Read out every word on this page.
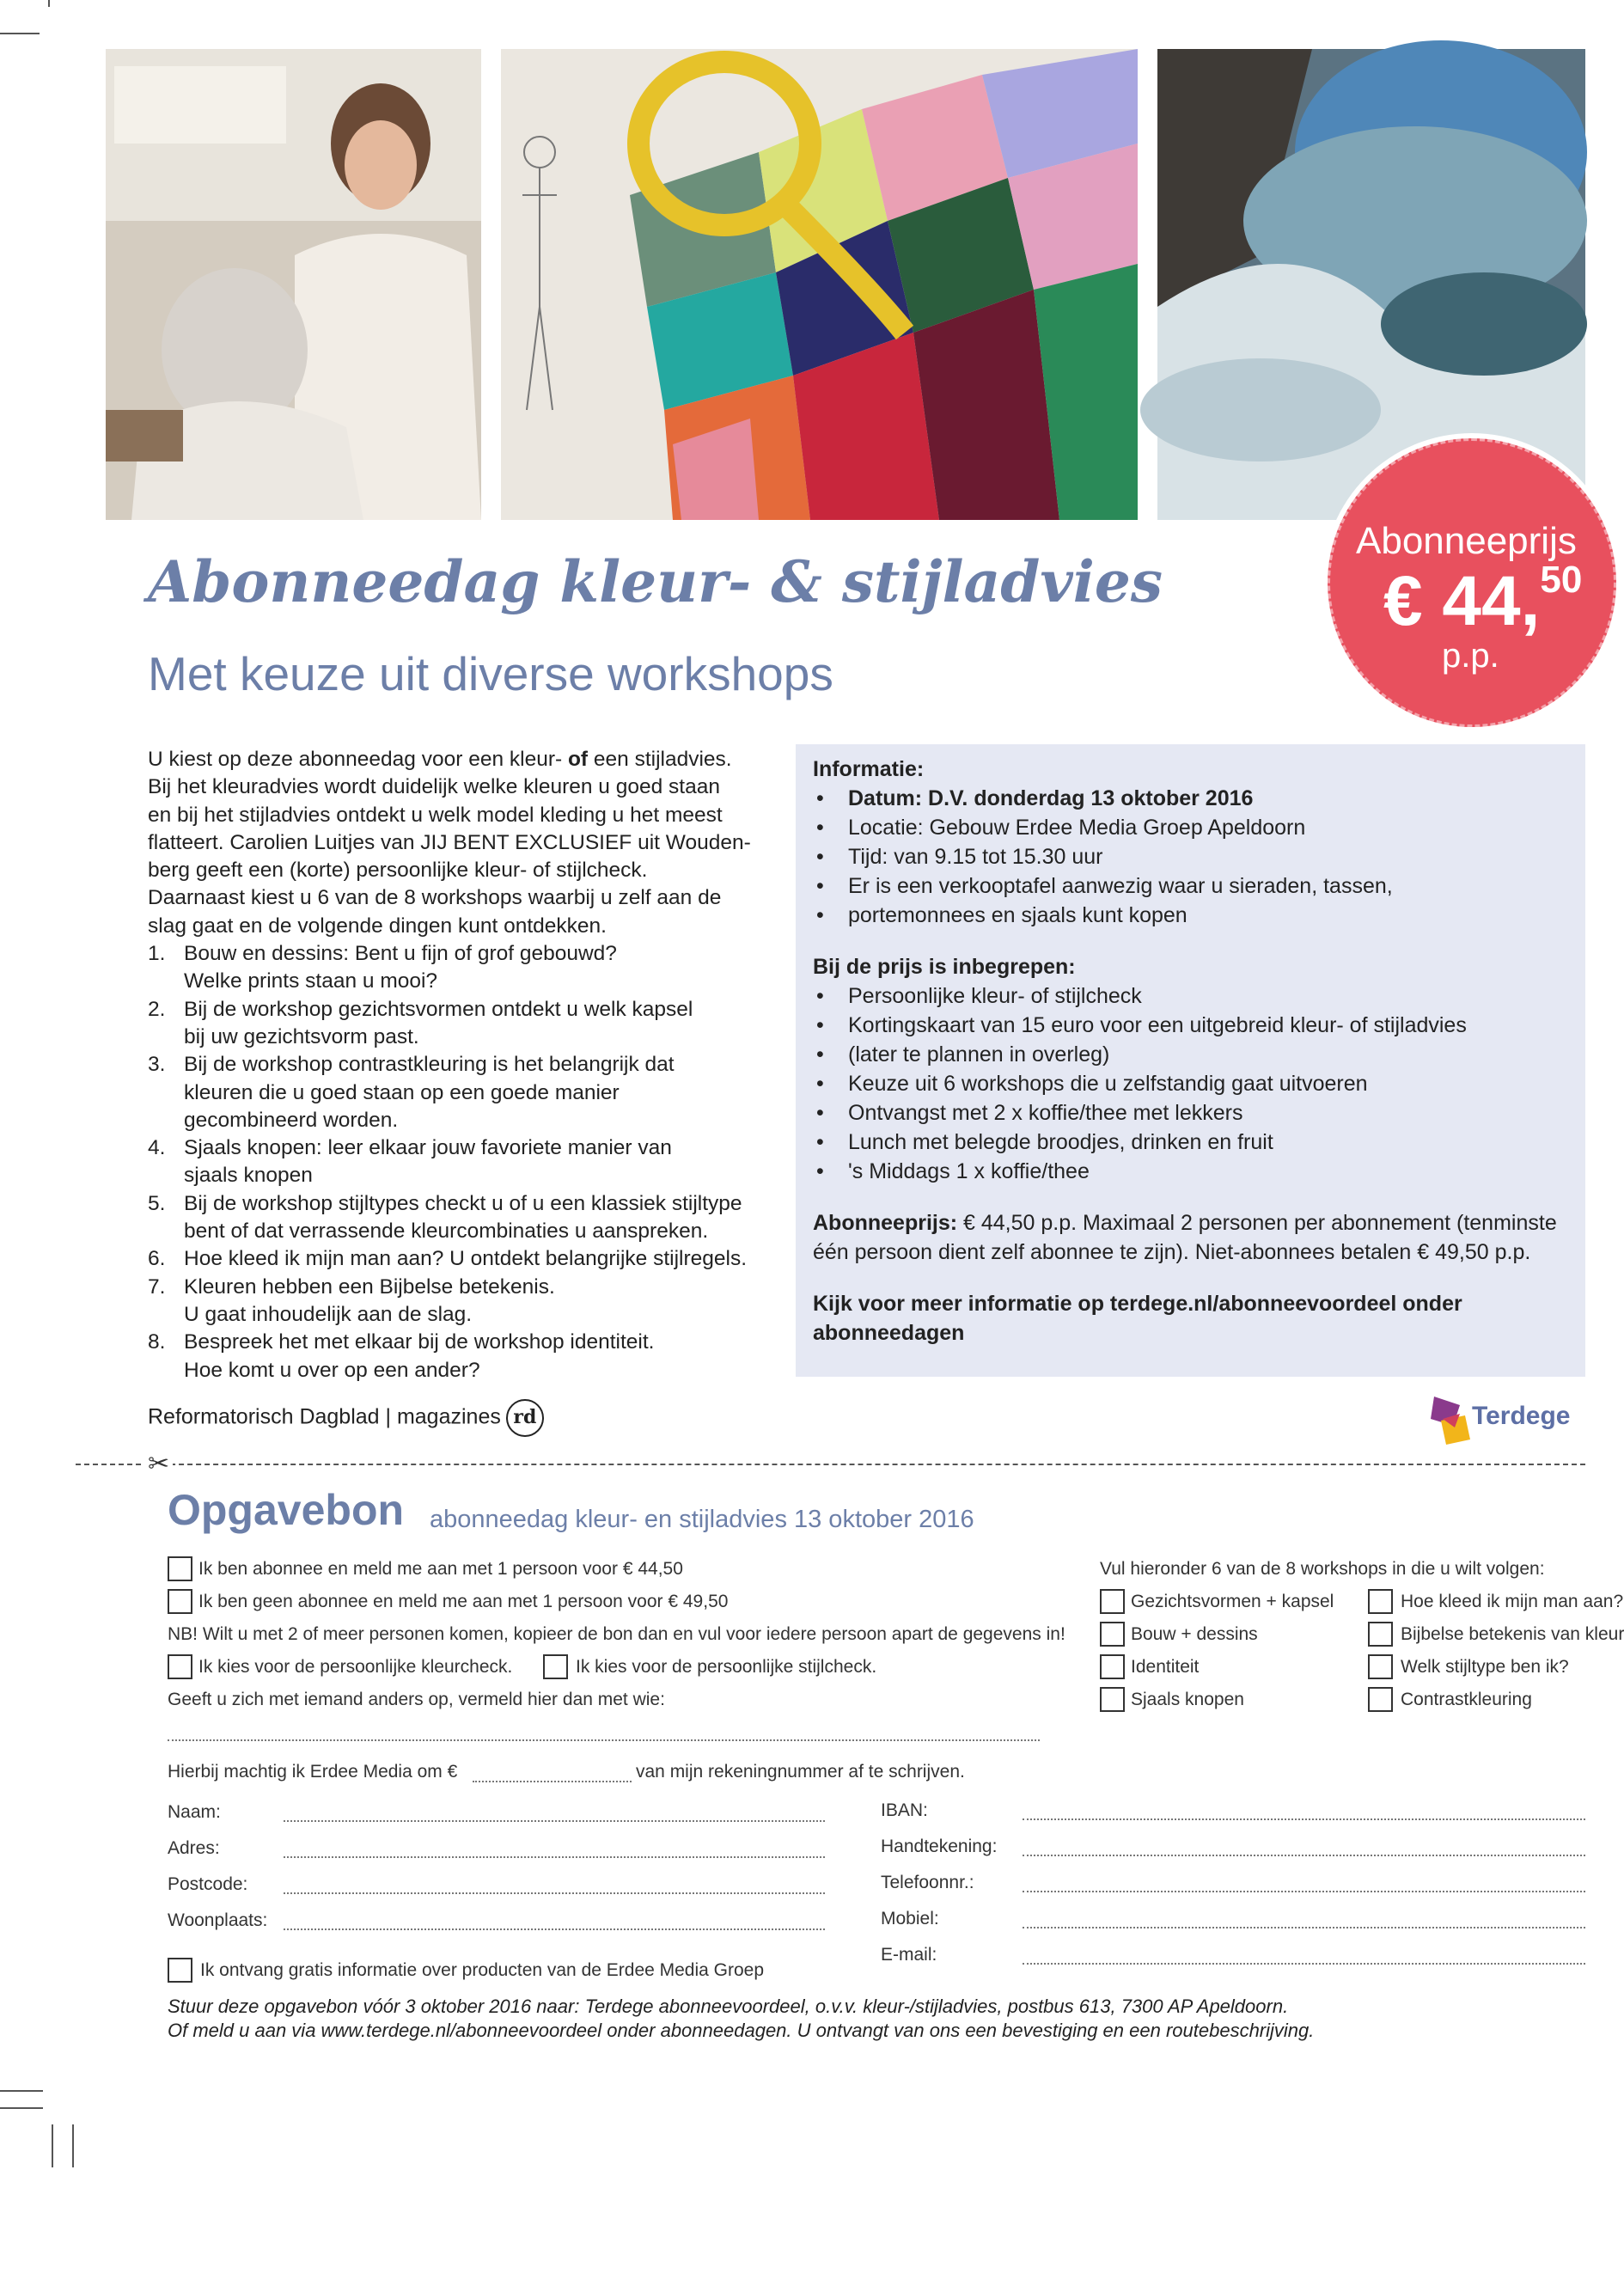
Abonneeprijs
€ 44,50
p.p.
Abonneedag kleur- & stijladvies
Met keuze uit diverse workshops

U kiest op deze abonneedag voor een kleur- of een stijladvies.

Bij het kleuradvies wordt duidelijk welke kleuren u goed staan

en bij het stijladvies ontdekt u welk model kleding u het meest

flatteert. Carolien Luitjes van JIJ BENT EXCLUSIEF uit Wouden-

berg geeft een (korte) persoonlijke kleur- of stijlcheck.

Daarnaast kiest u 6 van de 8 workshops waarbij u zelf aan de

slag gaat en de volgende dingen kunt ontdekken.

1. Bouw en dessins: Bent u fijn of grof gebouwd?
Welke prints staan u mooi?
2. Bij de workshop gezichtsvormen ontdekt u welk kapsel
bij uw gezichtsvorm past.
3. Bij de workshop contrastkleuring is het belangrijk dat
kleuren die u goed staan op een goede manier
gecombineerd worden.
4. Sjaals knopen: leer elkaar jouw favoriete manier van
sjaals knopen
5. Bij de workshop stijltypes checkt u of u een klassiek stijltype
bent of dat verrassende kleurcombinaties u aanspreken.
6. Hoe kleed ik mijn man aan? U ontdekt belangrijke stijlregels.
7. Kleuren hebben een Bijbelse betekenis.
U gaat inhoudelijk aan de slag.
8. Bespreek het met elkaar bij de workshop identiteit.
Hoe komt u over op een ander?
Informatie:
• Datum: D.V. donderdag 13 oktober 2016
• Locatie: Gebouw Erdee Media Groep Apeldoorn
• Tijd: van 9.15 tot 15.30 uur
• Er is een verkooptafel aanwezig waar u sieraden, tassen,
• portemonnees en sjaals kunt kopen
Bij de prijs is inbegrepen:
• Persoonlijke kleur- of stijlcheck
• Kortingskaart van 15 euro voor een uitgebreid kleur- of stijladvies
• (later te plannen in overleg)
• Keuze uit 6 workshops die u zelfstandig gaat uitvoeren
• Ontvangst met 2 x koffie/thee met lekkers
• Lunch met belegde broodjes, drinken en fruit
• 's Middags 1 x koffie/thee
Abonneeprijs: € 44,50 p.p. Maximaal 2 personen per abonnement (tenminste
één persoon dient zelf abonnee te zijn). Niet-abonnees betalen € 49,50 p.p.
Kijk voor meer informatie op terdege.nl/abonneevoordeel onder
abonneedagen
Reformatorisch Dagblad | magazines rd	Terdege
✂
Opgavebon abonneedag kleur- en stijladvies 13 oktober 2016
Ik ben abonnee en meld me aan met 1 persoon voor € 44,50
Ik ben geen abonnee en meld me aan met 1 persoon voor € 49,50
NB! Wilt u met 2 of meer personen komen, kopieer de bon dan en vul voor iedere persoon apart de gegevens in!
Ik kies voor de persoonlijke kleurcheck.	Ik kies voor de persoonlijke stijlcheck.
Geeft u zich met iemand anders op, vermeld hier dan met wie:
Hierbij machtig ik Erdee Media om €	van mijn rekeningnummer af te schrijven.
Vul hieronder 6 van de 8 workshops in die u wilt volgen:
Gezichtsvormen + kapsel	Hoe kleed ik mijn man aan?
Bouw + dessins	Bijbelse betekenis van kleur
Identiteit	Welk stijltype ben ik?
Sjaals knopen	Contrastkleuring
Naam:
Adres:
Postcode:
Woonplaats:
IBAN:
Handtekening:
Telefoonnr.:
Mobiel:
E-mail:
Ik ontvang gratis informatie over producten van de Erdee Media Groep
Stuur deze opgavebon vóór 3 oktober 2016 naar: Terdege abonneevoordeel, o.v.v. kleur-/stijladvies, postbus 613, 7300 AP Apeldoorn.
Of meld u aan via www.terdege.nl/abonneevoordeel onder abonneedagen. U ontvangt van ons een bevestiging en een routebeschrijving.
